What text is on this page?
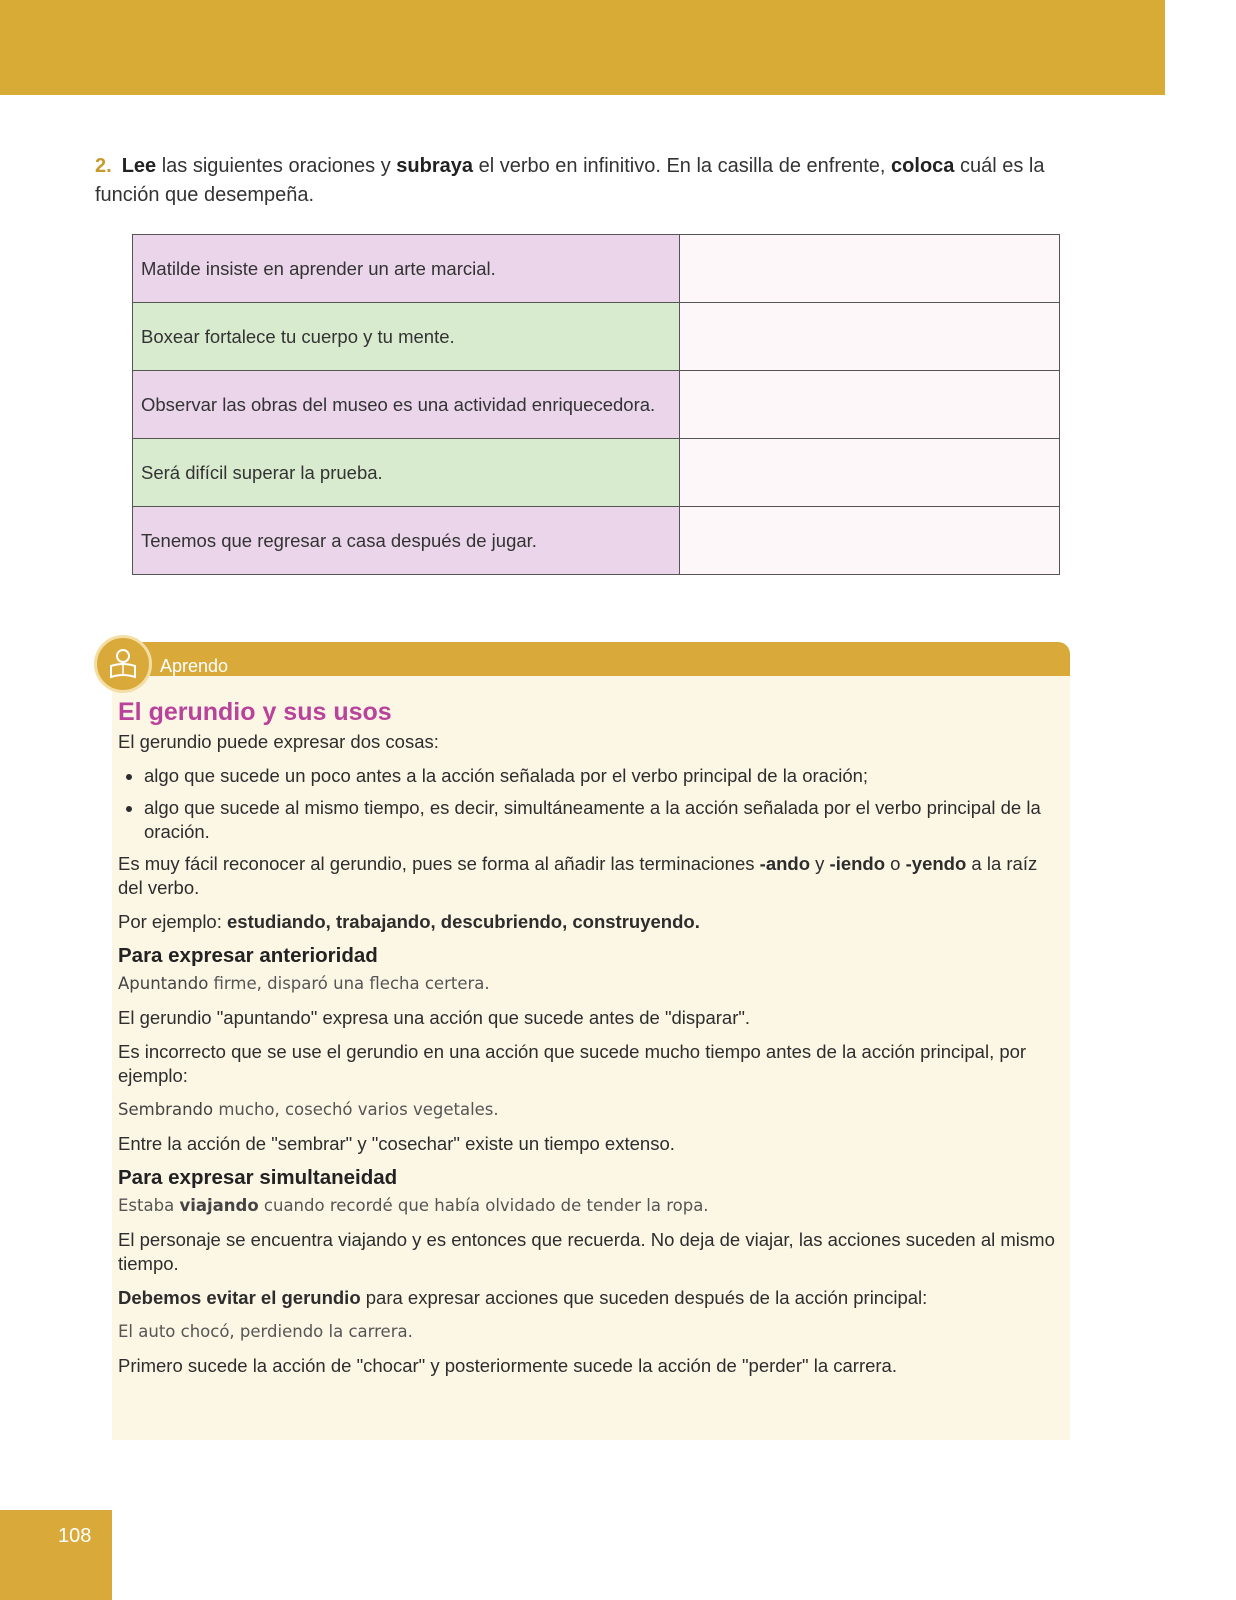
2. Lee las siguientes oraciones y subraya el verbo en infinitivo. En la casilla de enfrente, coloca cuál es la función que desempeña.
Matilde insiste en aprender un arte marcial.	
Boxear fortalece tu cuerpo y tu mente.	
Observar las obras del museo es una actividad enriquecedora.	
Será difícil superar la prueba.	
Tenemos que regresar a casa después de jugar.	
Aprendo
El gerundio y sus usos

El gerundio puede expresar dos cosas:

• algo que sucede un poco antes a la acción señalada por el verbo principal de la oración;
• algo que sucede al mismo tiempo, es decir, simultáneamente a la acción señalada por el verbo principal de la oración.

Es muy fácil reconocer al gerundio, pues se forma al añadir las terminaciones -ando y -iendo o -yendo a la raíz del verbo.

Por ejemplo: estudiando, trabajando, descubriendo, construyendo.

Para expresar anterioridad

Apuntando firme, disparó una flecha certera.

El gerundio "apuntando" expresa una acción que sucede antes de "disparar".

Es incorrecto que se use el gerundio en una acción que sucede mucho tiempo antes de la acción principal, por ejemplo:

Sembrando mucho, cosechó varios vegetales.

Entre la acción de "sembrar" y "cosechar" existe un tiempo extenso.

Para expresar simultaneidad

Estaba viajando cuando recordé que había olvidado de tender la ropa.

El personaje se encuentra viajando y es entonces que recuerda. No deja de viajar, las acciones suceden al mismo tiempo.

Debemos evitar el gerundio para expresar acciones que suceden después de la acción principal:

El auto chocó, perdiendo la carrera.

Primero sucede la acción de "chocar" y posteriormente sucede la acción de "perder" la carrera.

108
